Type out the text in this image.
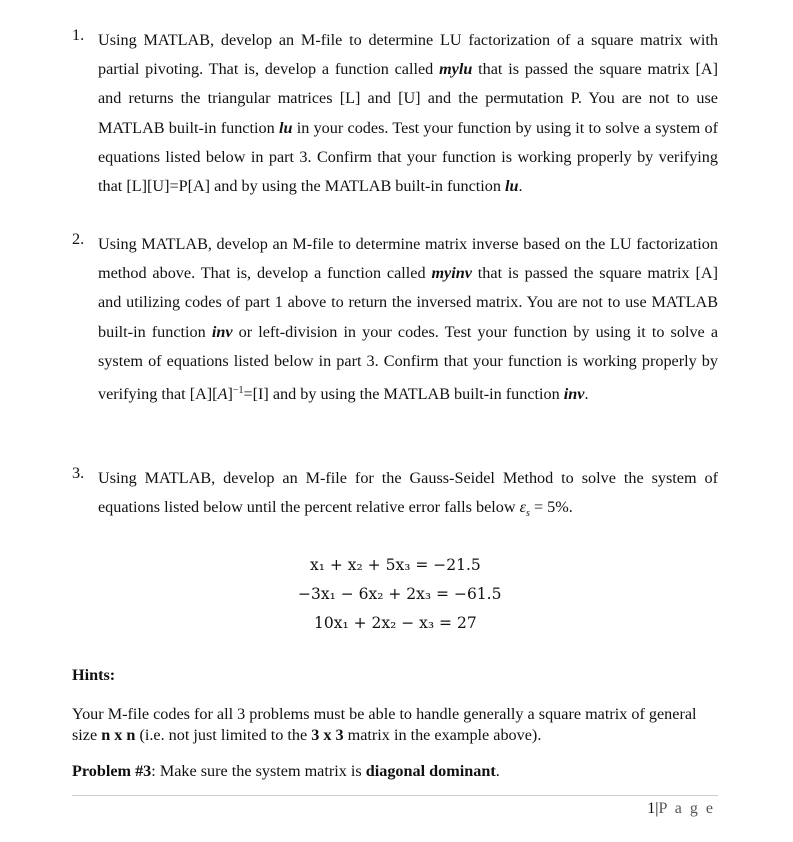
1. Using MATLAB, develop an M-file to determine LU factorization of a square matrix with partial pivoting. That is, develop a function called mylu that is passed the square matrix [A] and returns the triangular matrices [L] and [U] and the permutation P. You are not to use MATLAB built-in function lu in your codes. Test your function by using it to solve a system of equations listed below in part 3. Confirm that your function is working properly by verifying that [L][U]=P[A] and by using the MATLAB built-in function lu.
2. Using MATLAB, develop an M-file to determine matrix inverse based on the LU factorization method above. That is, develop a function called myinv that is passed the square matrix [A] and utilizing codes of part 1 above to return the inversed matrix. You are not to use MATLAB built-in function inv or left-division in your codes. Test your function by using it to solve a system of equations listed below in part 3. Confirm that your function is working properly by verifying that $[A][A]^{-1}=[I]$ and by using the MATLAB built-in function inv.
3. Using MATLAB, develop an M-file for the Gauss-Seidel Method to solve the system of equations listed below until the percent relative error falls below $\varepsilon_s = 5\%$.
x₁ + x₂ + 5x₃ = −21.5
−3x₁ − 6x₂ + 2x₃ = −61.5
10x₁ + 2x₂ − x₃ = 27
Hints:
Your M-file codes for all 3 problems must be able to handle generally a square matrix of general size n x n (i.e. not just limited to the 3 x 3 matrix in the example above).
Problem #3: Make sure the system matrix is diagonal dominant.
1|P a g e
